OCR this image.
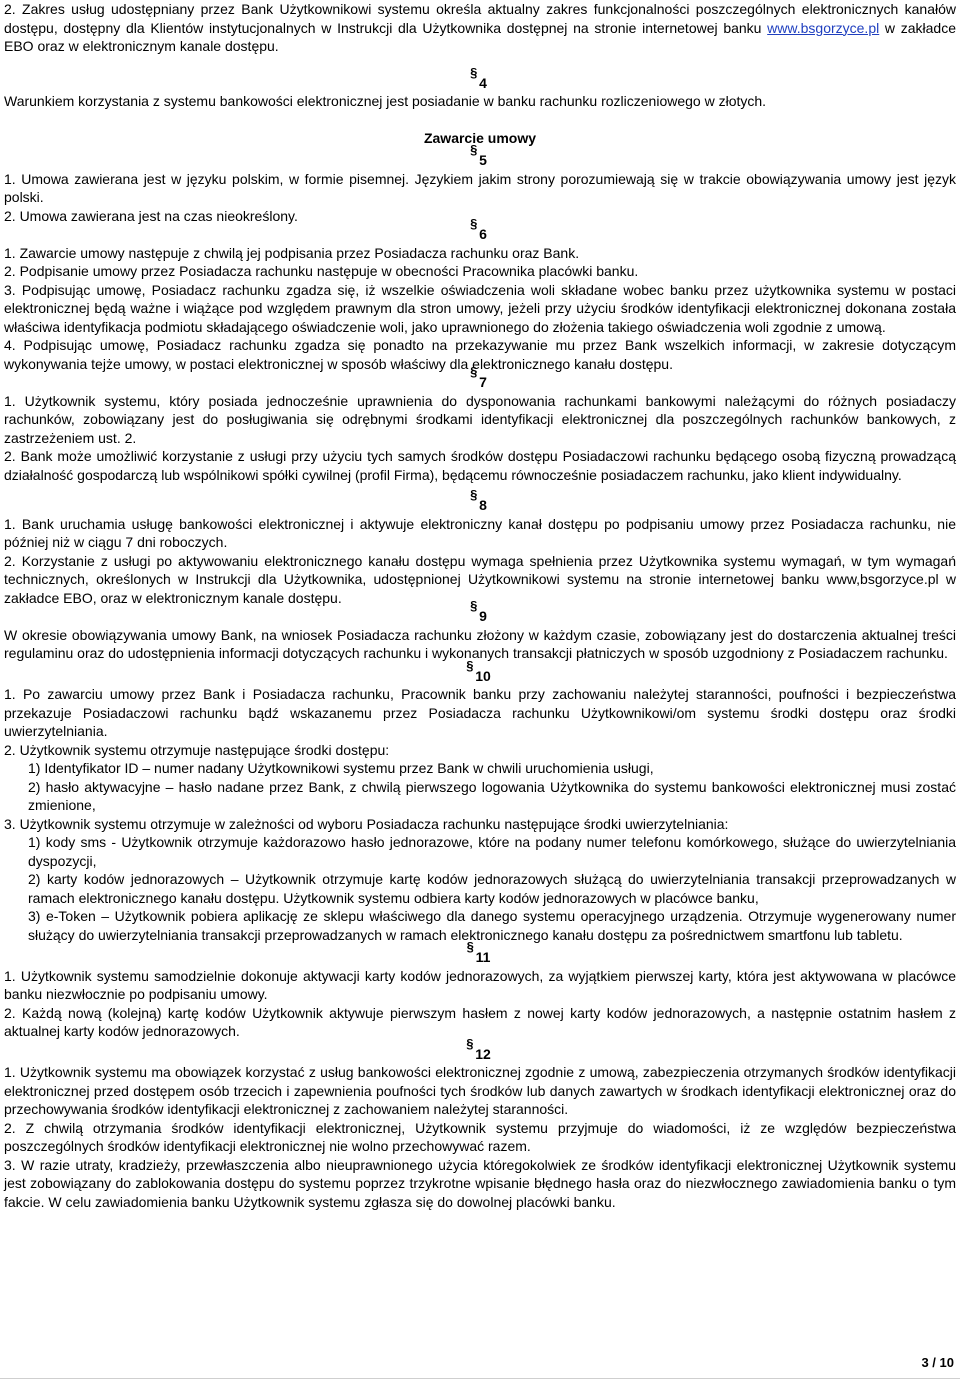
2. Zakres usług udostępniany przez Bank Użytkownikowi systemu określa aktualny zakres funkcjonalności poszczególnych elektronicznych kanałów dostępu, dostępny dla Klientów instytucjonalnych w Instrukcji dla Użytkownika dostępnej na stronie internetowej banku www.bsgorzyce.pl w zakładce EBO oraz w elektronicznym kanale dostępu.

§ 4

Warunkiem korzystania z systemu bankowości elektronicznej jest posiadanie w banku rachunku rozliczeniowego w złotych.

Zawarcie umowy

§ 5

1. Umowa zawierana jest w języku polskim, w formie pisemnej. Językiem jakim strony porozumiewają się w trakcie obowiązywania umowy jest język polski.

2. Umowa zawierana jest na czas nieokreślony.

§ 6

1. Zawarcie umowy następuje z chwilą jej podpisania przez Posiadacza rachunku oraz Bank.

2. Podpisanie umowy przez Posiadacza rachunku następuje w obecności Pracownika placówki banku.

3. Podpisując umowę, Posiadacz rachunku zgadza się, iż wszelkie oświadczenia woli składane wobec banku przez użytkownika systemu w postaci elektronicznej będą ważne i wiążące pod względem prawnym dla stron umowy, jeżeli przy użyciu środków identyfikacji elektronicznej dokonana została właściwa identyfikacja podmiotu składającego oświadczenie woli, jako uprawnionego do złożenia takiego oświadczenia woli zgodnie z umową.

4. Podpisując umowę, Posiadacz rachunku zgadza się ponadto na przekazywanie mu przez Bank wszelkich informacji, w zakresie dotyczącym wykonywania tejże umowy, w postaci elektronicznej w sposób właściwy dla elektronicznego kanału dostępu.

§ 7

1. Użytkownik systemu, który posiada jednocześnie uprawnienia do dysponowania rachunkami bankowymi należącymi do różnych posiadaczy rachunków, zobowiązany jest do posługiwania się odrębnymi środkami identyfikacji elektronicznej dla poszczególnych rachunków bankowych, z zastrzeżeniem ust. 2.

2. Bank może umożliwić korzystanie z usługi przy użyciu tych samych środków dostępu Posiadaczowi rachunku będącego osobą fizyczną prowadzącą działalność gospodarczą lub wspólnikowi spółki cywilnej (profil Firma), będącemu równocześnie posiadaczem rachunku, jako klient indywidualny.

§ 8

1. Bank uruchamia usługę bankowości elektronicznej i aktywuje elektroniczny kanał dostępu po podpisaniu umowy przez Posiadacza rachunku, nie później niż w ciągu 7 dni roboczych.

2. Korzystanie z usługi po aktywowaniu elektronicznego kanału dostępu wymaga spełnienia przez Użytkownika systemu wymagań, w tym wymagań technicznych, określonych w Instrukcji dla Użytkownika, udostępnionej Użytkownikowi systemu na stronie internetowej banku www,bsgorzyce.pl w zakładce EBO, oraz w elektronicznym kanale dostępu.

§ 9

W okresie obowiązywania umowy Bank, na wniosek Posiadacza rachunku złożony w każdym czasie, zobowiązany jest do dostarczenia aktualnej treści regulaminu oraz do udostępnienia informacji dotyczących rachunku i wykonanych transakcji płatniczych w sposób uzgodniony z Posiadaczem rachunku.

§ 10

1. Po zawarciu umowy przez Bank i Posiadacza rachunku, Pracownik banku przy zachowaniu należytej staranności, poufności i bezpieczeństwa przekazuje Posiadaczowi rachunku bądź wskazanemu przez Posiadacza rachunku Użytkownikowi/om systemu środki dostępu oraz środki uwierzytelniania.

2. Użytkownik systemu otrzymuje następujące środki dostępu:

1) Identyfikator ID – numer nadany Użytkownikowi systemu przez Bank w chwili uruchomienia usługi,

2) hasło aktywacyjne – hasło nadane przez Bank, z chwilą pierwszego logowania Użytkownika do systemu bankowości elektronicznej musi zostać zmienione,

3. Użytkownik systemu otrzymuje w zależności od wyboru Posiadacza rachunku następujące środki uwierzytelniania:

1) kody sms - Użytkownik otrzymuje każdorazowo hasło jednorazowe, które na podany numer telefonu komórkowego, służące do uwierzytelniania dyspozycji,

2) karty kodów jednorazowych – Użytkownik otrzymuje kartę kodów jednorazowych służącą do uwierzytelniania transakcji przeprowadzanych w ramach elektronicznego kanału dostępu. Użytkownik systemu odbiera karty kodów jednorazowych w placówce banku,

3) e-Token – Użytkownik pobiera aplikację ze sklepu właściwego dla danego systemu operacyjnego urządzenia. Otrzymuje wygenerowany numer służący do uwierzytelniania transakcji przeprowadzanych w ramach elektronicznego kanału dostępu za pośrednictwem smartfonu lub tabletu.

§ 11

1. Użytkownik systemu samodzielnie dokonuje aktywacji karty kodów jednorazowych, za wyjątkiem pierwszej karty, która jest aktywowana w placówce banku niezwłocznie po podpisaniu umowy.

2. Każdą nową (kolejną) kartę kodów Użytkownik aktywuje pierwszym hasłem z nowej karty kodów jednorazowych, a następnie ostatnim hasłem z aktualnej karty kodów jednorazowych.

§ 12

1. Użytkownik systemu ma obowiązek korzystać z usług bankowości elektronicznej zgodnie z umową, zabezpieczenia otrzymanych środków identyfikacji elektronicznej przed dostępem osób trzecich i zapewnienia poufności tych środków lub danych zawartych w środkach identyfikacji elektronicznej oraz do przechowywania środków identyfikacji elektronicznej z zachowaniem należytej staranności.

2. Z chwilą otrzymania środków identyfikacji elektronicznej, Użytkownik systemu przyjmuje do wiadomości, iż ze względów bezpieczeństwa poszczególnych środków identyfikacji elektronicznej nie wolno przechowywać razem.

3. W razie utraty, kradzieży, przewłaszczenia albo nieuprawnionego użycia któregokolwiek ze środków identyfikacji elektronicznej Użytkownik systemu jest zobowiązany do zablokowania dostępu do systemu poprzez trzykrotne wpisanie błędnego hasła oraz do niezwłocznego zawiadomienia banku o tym fakcie. W celu zawiadomienia banku Użytkownik systemu zgłasza się do dowolnej placówki banku.

3 / 10
